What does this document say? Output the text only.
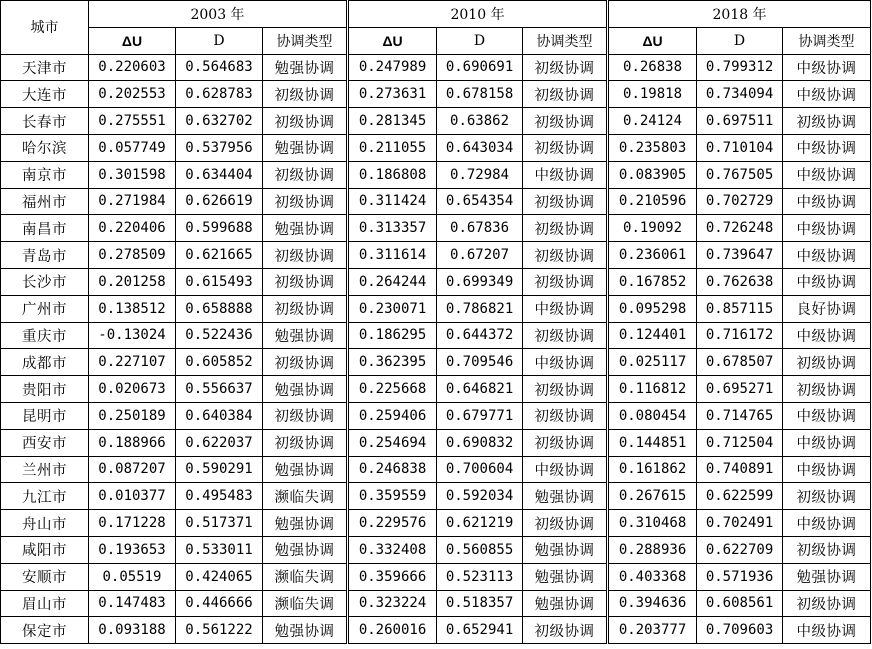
城市	2003 年			2010 年			2018 年		
	ΔU	D	协调类型	ΔU	D	协调类型	ΔU	D	协调类型
天津市	0.220603	0.564683	勉强协调	0.247989	0.690691	初级协调	0.26838	0.799312	中级协调
大连市	0.202553	0.628783	初级协调	0.273631	0.678158	初级协调	0.19818	0.734094	中级协调
长春市	0.275551	0.632702	初级协调	0.281345	0.63862	初级协调	0.24124	0.697511	初级协调
哈尔滨	0.057749	0.537956	勉强协调	0.211055	0.643034	初级协调	0.235803	0.710104	中级协调
南京市	0.301598	0.634404	初级协调	0.186808	0.72984	中级协调	0.083905	0.767505	中级协调
福州市	0.271984	0.626619	初级协调	0.311424	0.654354	初级协调	0.210596	0.702729	中级协调
南昌市	0.220406	0.599688	勉强协调	0.313357	0.67836	初级协调	0.19092	0.726248	中级协调
青岛市	0.278509	0.621665	初级协调	0.311614	0.67207	初级协调	0.236061	0.739647	中级协调
长沙市	0.201258	0.615493	初级协调	0.264244	0.699349	初级协调	0.167852	0.762638	中级协调
广州市	0.138512	0.658888	初级协调	0.230071	0.786821	中级协调	0.095298	0.857115	良好协调
重庆市	-0.13024	0.522436	勉强协调	0.186295	0.644372	初级协调	0.124401	0.716172	中级协调
成都市	0.227107	0.605852	初级协调	0.362395	0.709546	中级协调	0.025117	0.678507	初级协调
贵阳市	0.020673	0.556637	勉强协调	0.225668	0.646821	初级协调	0.116812	0.695271	初级协调
昆明市	0.250189	0.640384	初级协调	0.259406	0.679771	初级协调	0.080454	0.714765	中级协调
西安市	0.188966	0.622037	初级协调	0.254694	0.690832	初级协调	0.144851	0.712504	中级协调
兰州市	0.087207	0.590291	勉强协调	0.246838	0.700604	中级协调	0.161862	0.740891	中级协调
九江市	0.010377	0.495483	濒临失调	0.359559	0.592034	勉强协调	0.267615	0.622599	初级协调
舟山市	0.171228	0.517371	勉强协调	0.229576	0.621219	初级协调	0.310468	0.702491	中级协调
咸阳市	0.193653	0.533011	勉强协调	0.332408	0.560855	勉强协调	0.288936	0.622709	初级协调
安顺市	0.05519	0.424065	濒临失调	0.359666	0.523113	勉强协调	0.403368	0.571936	勉强协调
眉山市	0.147483	0.446666	濒临失调	0.323224	0.518357	勉强协调	0.394636	0.608561	初级协调
保定市	0.093188	0.561222	勉强协调	0.260016	0.652941	初级协调	0.203777	0.709603	中级协调
